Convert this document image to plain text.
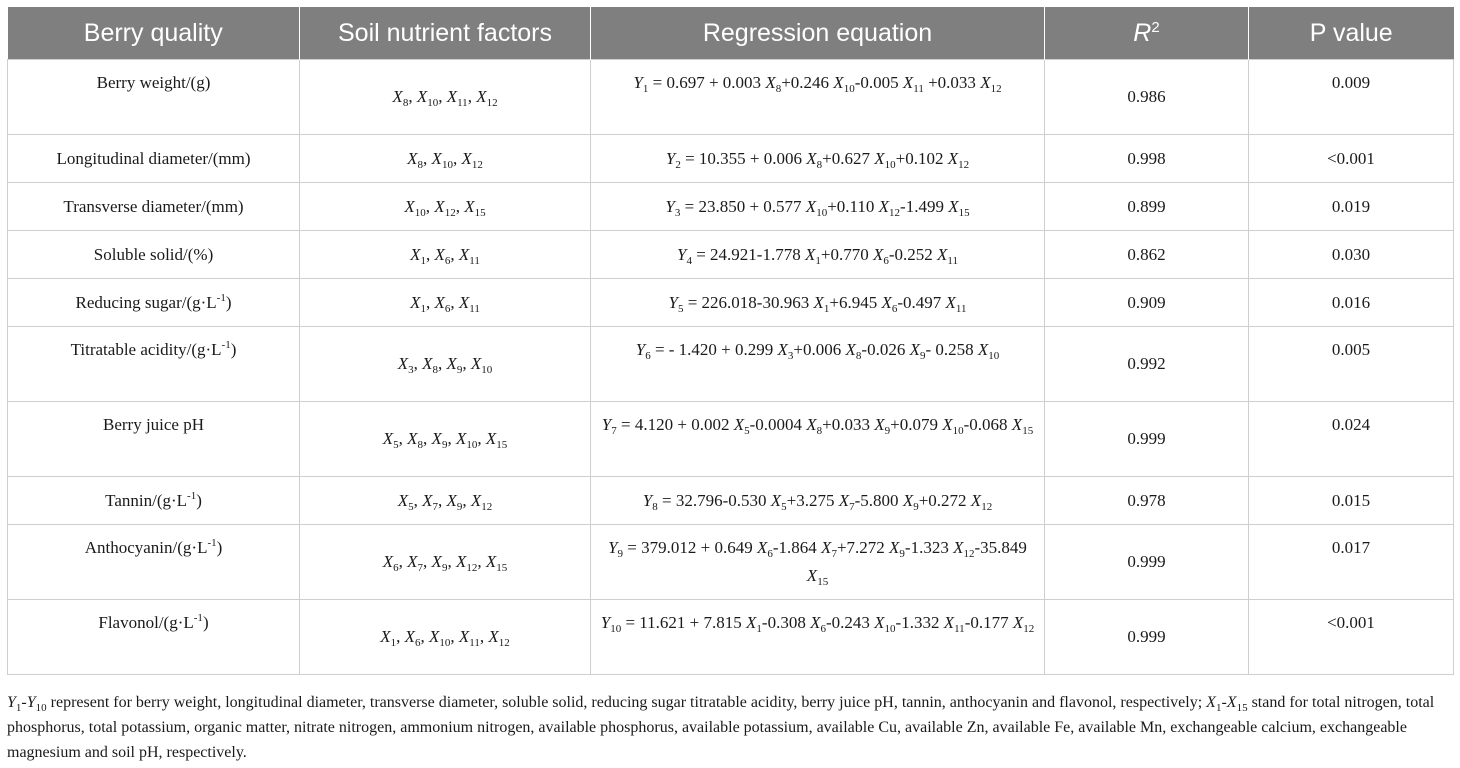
Berry quality	Soil nutrient factors	Regression equation	$R^2$	P value
Berry weight/(g)	$X_8$, $X_{10}$, $X_{11}$, $X_{12}$	$Y_1 = 0.697 + 0.003$ $X_8+0.246$ $X_{10}-0.005$ $X_{11} +0.033$ $X_{12}$	0.986	0.009
Longitudinal diameter/(mm)	$X_8$, $X_{10}$, $X_{12}$	$Y_2 = 10.355 + 0.006$ $X_8+0.627$ $X_{10}+0.102$ $X_{12}$	0.998	<0.001
Transverse diameter/(mm)	$X_{10}$, $X_{12}$, $X_{15}$	$Y_3 = 23.850 + 0.577$ $X_{10}+0.110$ $X_{12}-1.499$ $X_{15}$	0.899	0.019
Soluble solid/(%)	$X_1$, $X_6$, $X_{11}$	$Y_4 = 24.921-1.778$ $X_1+0.770$ $X_6-0.252$ $X_{11}$	0.862	0.030
Reducing sugar/$(g\cdot L^{-1})$	$X_1$, $X_6$, $X_{11}$	$Y_5 = 226.018-30.963$ $X_1+6.945$ $X_6-0.497$ $X_{11}$	0.909	0.016
Titratable acidity/$(g\cdot L^{-1})$	$X_3$, $X_8$, $X_9$, $X_{10}$	$Y_6$ = - 1.420 + 0.299 $X_3+0.006$ $X_8-0.026$ $X_9-$ 0.258 $X_{10}$	0.992	0.005
Berry juice pH	$X_5$, $X_8$, $X_9$, $X_{10}$, $X_{15}$	$Y_7 = 4.120 + 0.002$ $X_5-0.0004$ $X_8+0.033$ $X_9+0.079$ $X_{10}-0.068$ $X_{15}$	0.999	0.024
Tannin/$(g\cdot L^{-1})$	$X_5$, $X_7$, $X_9$, $X_{12}$	$Y_8 = 32.796-0.530$ $X_5+3.275$ $X_7-5.800$ $X_9+0.272$ $X_{12}$	0.978	0.015
Anthocyanin/$(g\cdot L^{-1})$	$X_6$, $X_7$, $X_9$, $X_{12}$, $X_{15}$	$Y_9 = 379.012 + 0.649$ $X_6-1.864$ $X_7+7.272$ $X_9-1.323$ $X_{12}-35.849$ $X_{15}$	0.999	0.017
Flavonol/$(g\cdot L^{-1})$	$X_1$, $X_6$, $X_{10}$, $X_{11}$, $X_{12}$	$Y_{10} = 11.621 + 7.815$ $X_1-0.308$ $X_6-0.243$ $X_{10}-1.332$ $X_{11}-0.177$ $X_{12}$	0.999	<0.001
$Y_1-Y_{10}$ represent for berry weight, longitudinal diameter, transverse diameter, soluble solid, reducing sugar titratable acidity, berry juice pH, tannin, anthocyanin and flavonol, respectively; $X_1-X_{15}$ stand for total nitrogen, total phosphorus, total potassium, organic matter, nitrate nitrogen, ammonium nitrogen, available phosphorus, available potassium, available Cu, available Zn, available Fe, available Mn, exchangeable calcium, exchangeable magnesium and soil pH, respectively.
